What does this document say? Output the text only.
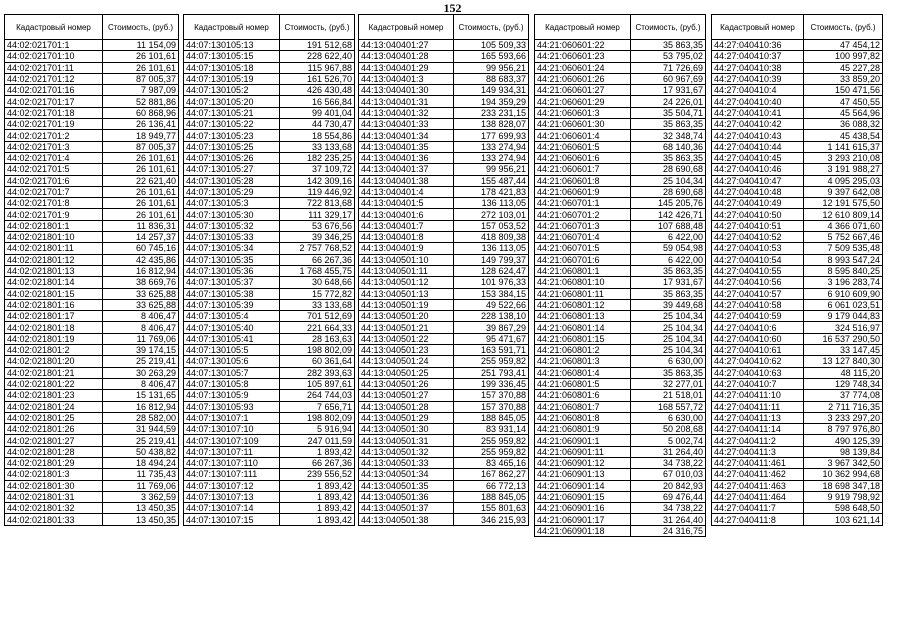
152
Кадастровый номер	Стоимость, (руб.)
44:02:021701:1	11 154,09
44:02:021701:10	26 101,61
44:02:021701:11	26 101,61
44:02:021701:12	87 005,37
44:02:021701:16	7 987,09
44:02:021701:17	52 881,86
44:02:021701:18	60 868,96
44:02:021701:19	26 136,41
44:02:021701:2	18 949,77
44:02:021701:3	87 005,37
44:02:021701:4	26 101,61
44:02:021701:5	26 101,61
44:02:021701:6	22 621,40
44:02:021701:7	26 101,61
44:02:021701:8	26 101,61
44:02:021701:9	26 101,61
44:02:021801:1	11 836,31
44:02:021801:10	14 257,37
44:02:021801:11	60 745,16
44:02:021801:12	42 435,86
44:02:021801:13	16 812,94
44:02:021801:14	38 669,76
44:02:021801:15	33 625,88
44:02:021801:16	33 625,88
44:02:021801:17	8 406,47
44:02:021801:18	8 406,47
44:02:021801:19	11 769,06
44:02:021801:2	39 174,15
44:02:021801:20	25 219,41
44:02:021801:21	30 263,29
44:02:021801:22	8 406,47
44:02:021801:23	15 131,65
44:02:021801:24	16 812,94
44:02:021801:25	28 582,00
44:02:021801:26	31 944,59
44:02:021801:27	25 219,41
44:02:021801:28	50 438,82
44:02:021801:29	18 494,24
44:02:021801:3	11 735,43
44:02:021801:30	11 769,06
44:02:021801:31	3 362,59
44:02:021801:32	13 450,35
44:02:021801:33	13 450,35
Кадастровый номер	Стоимость, (руб.)
44:07:130105:13	191 512,68
44:07:130105:15	228 622,40
44:07:130105:18	115 967,88
44:07:130105:19	161 526,70
44:07:130105:2	426 430,48
44:07:130105:20	16 566,84
44:07:130105:21	99 401,04
44:07:130105:22	44 730,47
44:07:130105:23	18 554,86
44:07:130105:25	33 133,68
44:07:130105:26	182 235,25
44:07:130105:27	37 109,72
44:07:130105:28	142 309,16
44:07:130105:29	119 446,92
44:07:130105:3	722 813,68
44:07:130105:30	111 329,17
44:07:130105:32	53 676,56
44:07:130105:33	39 346,25
44:07:130105:34	2 757 768,52
44:07:130105:35	66 267,36
44:07:130105:36	1 768 455,75
44:07:130105:37	30 648,66
44:07:130105:38	15 772,82
44:07:130105:39	33 133,68
44:07:130105:4	701 512,69
44:07:130105:40	221 664,33
44:07:130105:41	28 163,63
44:07:130105:5	198 802,09
44:07:130105:6	60 361,64
44:07:130105:7	282 393,63
44:07:130105:8	105 897,61
44:07:130105:9	264 744,03
44:07:130105:93	7 656,71
44:07:130107:1	198 802,09
44:07:130107:10	5 916,94
44:07:130107:109	247 011,59
44:07:130107:11	1 893,42
44:07:130107:110	66 267,36
44:07:130107:111	239 556,52
44:07:130107:12	1 893,42
44:07:130107:13	1 893,42
44:07:130107:14	1 893,42
44:07:130107:15	1 893,42
Кадастровый номер	Стоимость, (руб.)
44:13:040401:27	105 509,33
44:13:040401:28	165 593,66
44:13:040401:29	99 956,21
44:13:040401:3	88 683,37
44:13:040401:30	149 934,31
44:13:040401:31	194 359,29
44:13:040401:32	233 231,15
44:13:040401:33	138 828,07
44:13:040401:34	177 699,93
44:13:040401:35	133 274,94
44:13:040401:36	133 274,94
44:13:040401:37	99 956,21
44:13:040401:38	155 487,44
44:13:040401:4	178 421,83
44:13:040401:5	136 113,05
44:13:040401:6	272 103,01
44:13:040401:7	157 053,52
44:13:040401:8	418 809,38
44:13:040401:9	136 113,05
44:13:040501:10	149 799,37
44:13:040501:11	128 624,47
44:13:040501:12	101 976,33
44:13:040501:13	153 384,15
44:13:040501:19	49 522,66
44:13:040501:20	228 138,10
44:13:040501:21	39 867,29
44:13:040501:22	95 471,67
44:13:040501:23	163 591,71
44:13:040501:24	255 959,82
44:13:040501:25	251 793,41
44:13:040501:26	199 336,45
44:13:040501:27	157 370,88
44:13:040501:28	157 370,88
44:13:040501:29	188 845,05
44:13:040501:30	83 931,14
44:13:040501:31	255 959,82
44:13:040501:32	255 959,82
44:13:040501:33	83 465,16
44:13:040501:34	167 862,27
44:13:040501:35	66 772,13
44:13:040501:36	188 845,05
44:13:040501:37	155 801,63
44:13:040501:38	346 215,93
Кадастровый номер	Стоимость, (руб.)
44:21:060601:22	35 863,35
44:21:060601:23	53 795,02
44:21:060601:24	71 726,69
44:21:060601:26	60 967,69
44:21:060601:27	17 931,67
44:21:060601:29	24 226,01
44:21:060601:3	35 504,71
44:21:060601:30	35 863,35
44:21:060601:4	32 348,74
44:21:060601:5	68 140,36
44:21:060601:6	35 863,35
44:21:060601:7	28 690,68
44:21:060601:8	25 104,34
44:21:060601:9	28 690,68
44:21:060701:1	145 205,76
44:21:060701:2	142 426,71
44:21:060701:3	107 688,48
44:21:060701:4	6 422,00
44:21:060701:5	59 054,98
44:21:060701:6	6 422,00
44:21:060801:1	35 863,35
44:21:060801:10	17 931,67
44:21:060801:11	35 863,35
44:21:060801:12	39 449,68
44:21:060801:13	25 104,34
44:21:060801:14	25 104,34
44:21:060801:15	25 104,34
44:21:060801:2	25 104,34
44:21:060801:3	6 630,00
44:21:060801:4	35 863,35
44:21:060801:5	32 277,01
44:21:060801:6	21 518,01
44:21:060801:7	168 557,72
44:21:060801:8	6 630,00
44:21:060801:9	50 208,68
44:21:060901:1	5 002,74
44:21:060901:11	31 264,40
44:21:060901:12	34 738,22
44:21:060901:13	67 010,03
44:21:060901:14	20 842,93
44:21:060901:15	69 476,44
44:21:060901:16	34 738,22
44:21:060901:17	31 264,40
44:21:060901:18	24 316,75
Кадастровый номер	Стоимость, (руб.)
44:27:040410:36	47 454,12
44:27:040410:37	100 997,82
44:27:040410:38	45 227,28
44:27:040410:39	33 859,20
44:27:040410:4	150 471,56
44:27:040410:40	47 450,55
44:27:040410:41	45 564,96
44:27:040410:42	36 088,32
44:27:040410:43	45 438,54
44:27:040410:44	1 141 615,37
44:27:040410:45	3 293 210,08
44:27:040410:46	3 191 988,27
44:27:040410:47	4 095 295,03
44:27:040410:48	9 397 642,08
44:27:040410:49	12 191 575,50
44:27:040410:50	12 610 809,14
44:27:040410:51	4 366 071,60
44:27:040410:52	5 752 667,46
44:27:040410:53	7 509 535,48
44:27:040410:54	8 993 547,24
44:27:040410:55	8 595 840,25
44:27:040410:56	3 196 283,74
44:27:040410:57	6 910 609,90
44:27:040410:58	6 061 023,51
44:27:040410:59	9 179 044,83
44:27:040410:6	324 516,97
44:27:040410:60	16 537 290,50
44:27:040410:61	33 147,45
44:27:040410:62	13 127 840,30
44:27:040410:63	48 115,20
44:27:040410:7	129 748,34
44:27:040411:10	37 774,08
44:27:040411:11	2 711 716,35
44:27:040411:13	3 233 297,20
44:27:040411:14	8 797 976,80
44:27:040411:2	490 125,39
44:27:040411:3	98 139,84
44:27:040411:461	3 967 342,50
44:27:040411:462	10 362 994,68
44:27:040411:463	18 698 347,18
44:27:040411:464	9 919 798,92
44:27:040411:7	598 648,50
44:27:040411:8	103 621,14
